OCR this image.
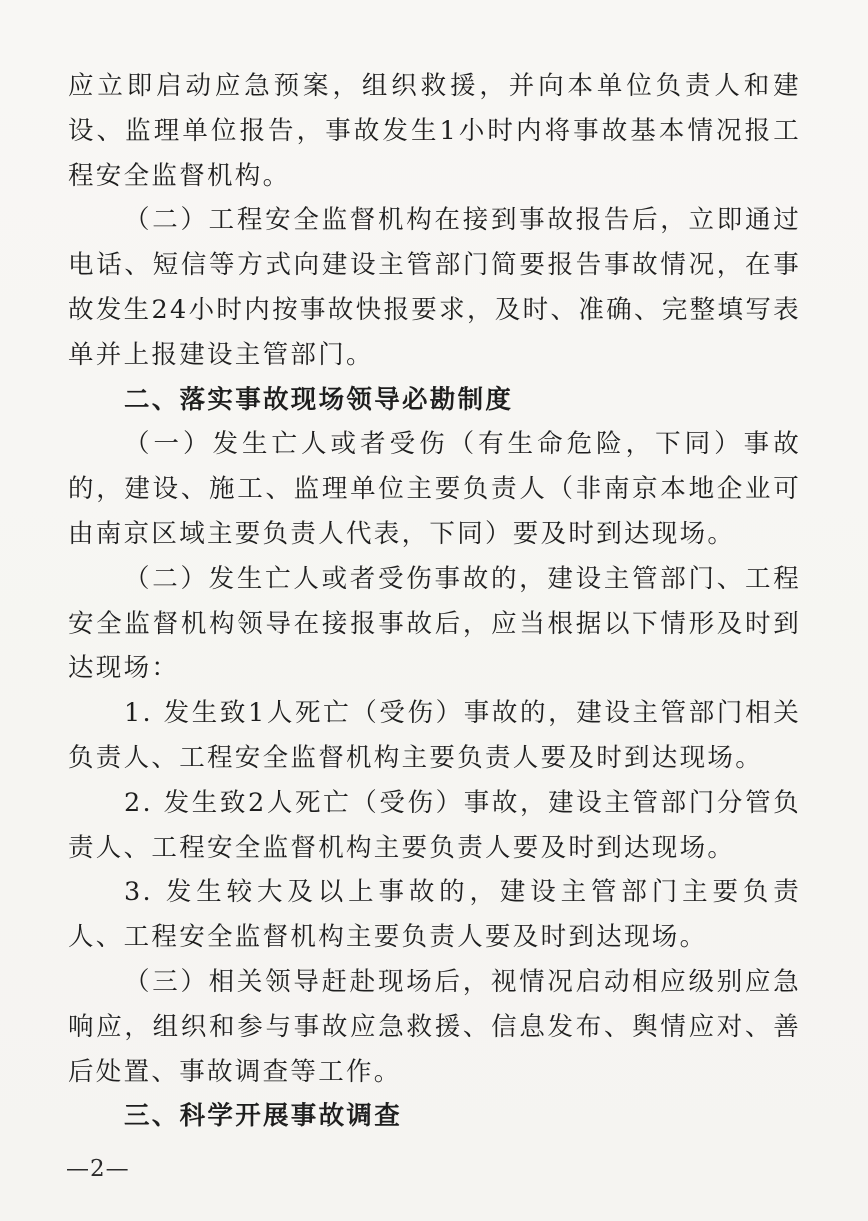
应立即启动应急预案，组织救援，并向本单位负责人和建设、监理单位报告，事故发生1小时内将事故基本情况报工程安全监督机构。

（二）工程安全监督机构在接到事故报告后，立即通过电话、短信等方式向建设主管部门简要报告事故情况，在事故发生24小时内按事故快报要求，及时、准确、完整填写表单并上报建设主管部门。

二、落实事故现场领导必勘制度

（一）发生亡人或者受伤（有生命危险，下同）事故的，建设、施工、监理单位主要负责人（非南京本地企业可由南京区域主要负责人代表，下同）要及时到达现场。

（二）发生亡人或者受伤事故的，建设主管部门、工程安全监督机构领导在接报事故后，应当根据以下情形及时到达现场：

1. 发生致1人死亡（受伤）事故的，建设主管部门相关负责人、工程安全监督机构主要负责人要及时到达现场。

2. 发生致2人死亡（受伤）事故，建设主管部门分管负责人、工程安全监督机构主要负责人要及时到达现场。

3. 发生较大及以上事故的，建设主管部门主要负责人、工程安全监督机构主要负责人要及时到达现场。

（三）相关领导赶赴现场后，视情况启动相应级别应急响应，组织和参与事故应急救援、信息发布、舆情应对、善后处置、事故调查等工作。

三、科学开展事故调查

—2—
